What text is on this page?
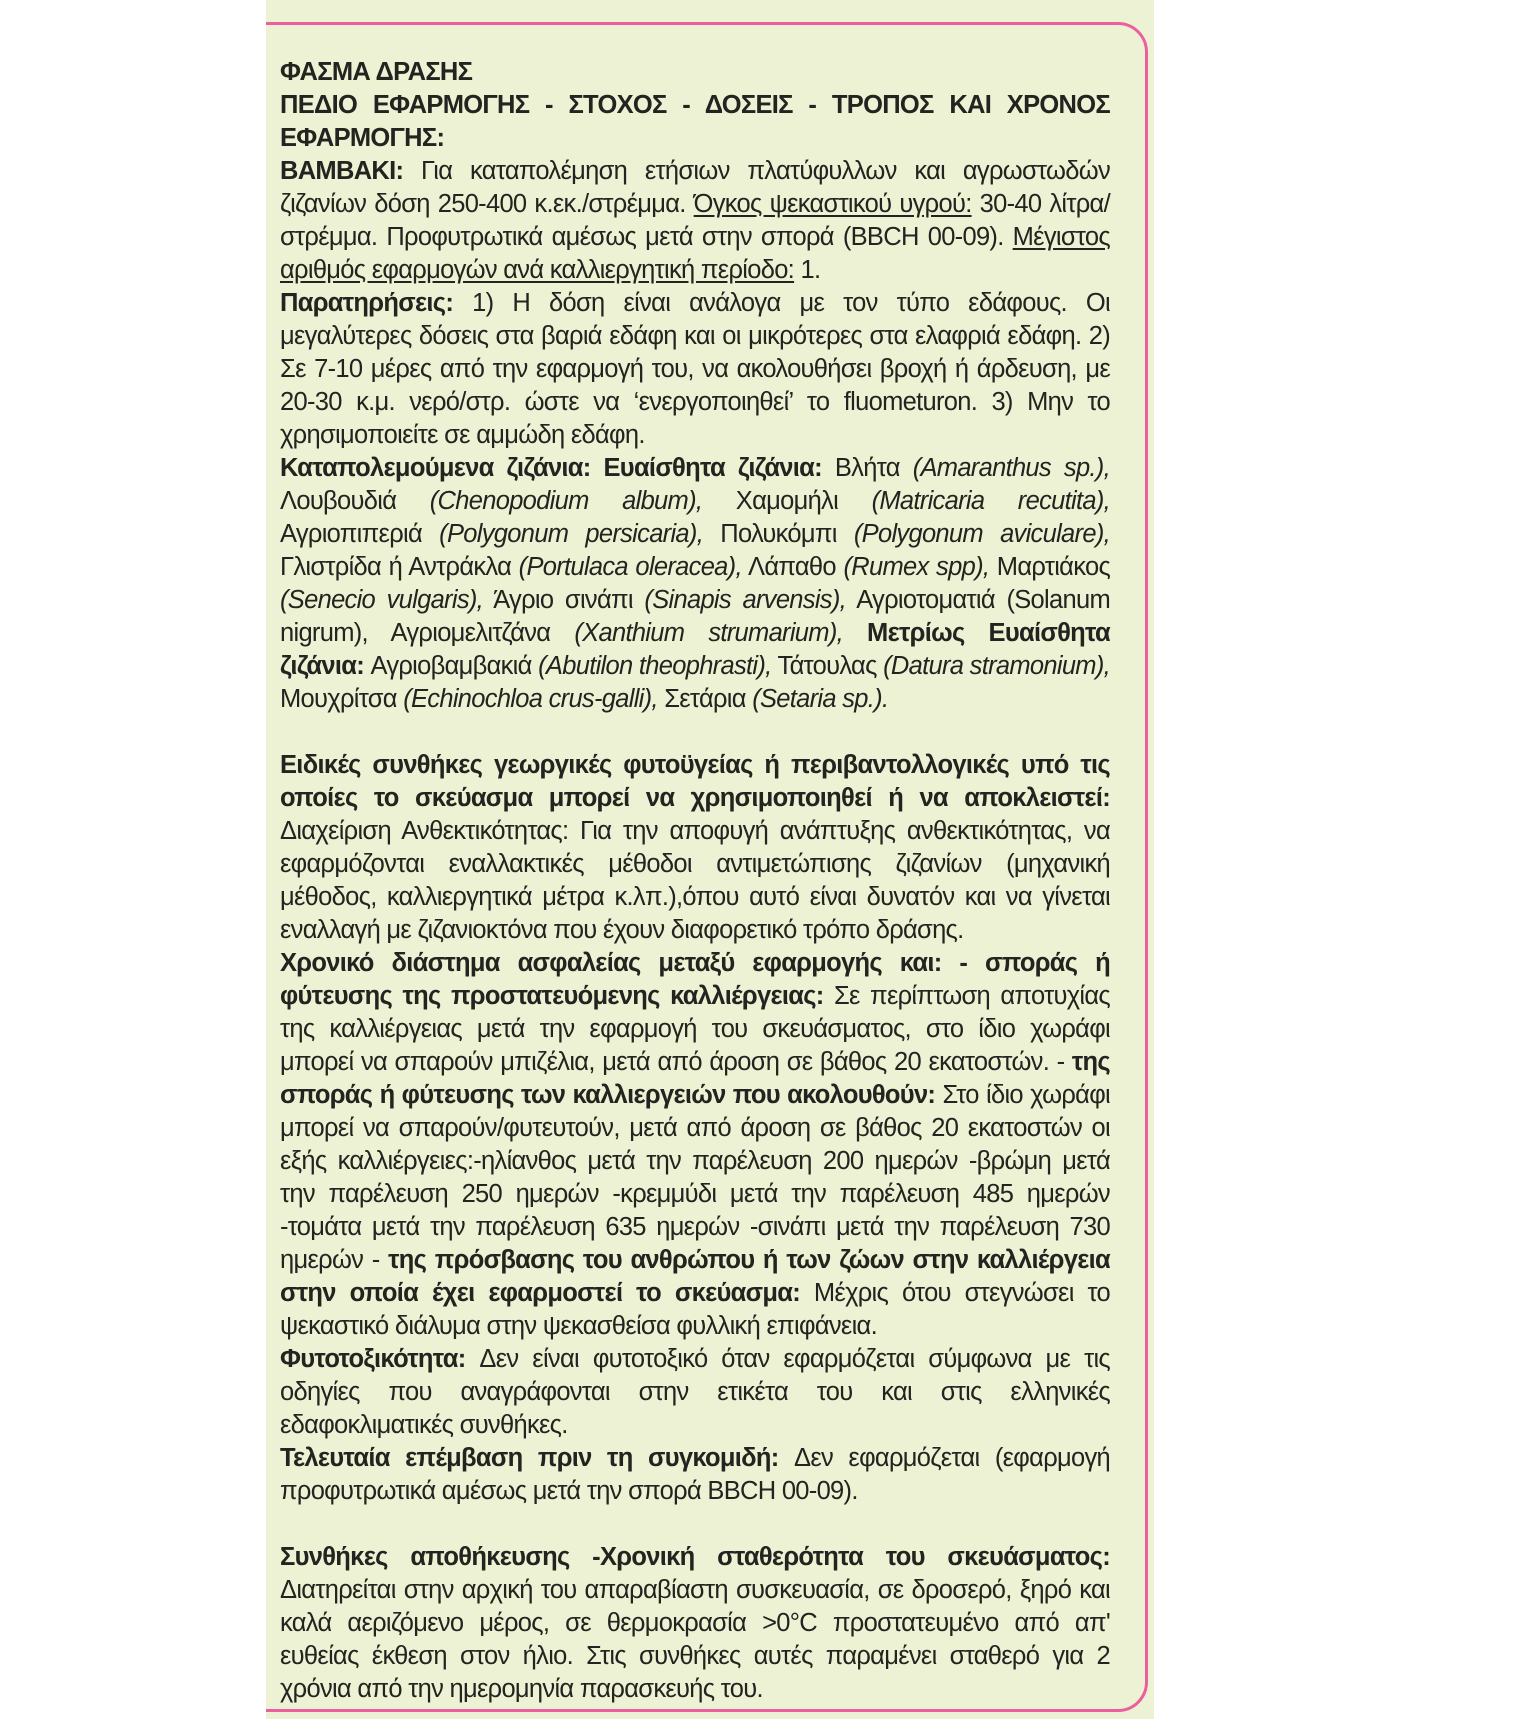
ΦΑΣΜΑ ΔΡΑΣΗΣ

ΠΕΔΙΟ ΕΦΑΡΜΟΓΗΣ - ΣΤΟΧΟΣ - ΔΟΣΕΙΣ - ΤΡΟΠΟΣ ΚΑΙ ΧΡΟΝΟΣ ΕΦΑΡΜΟΓΗΣ:

ΒΑΜΒΑΚΙ: Για καταπολέμηση ετήσιων πλατύφυλλων και αγρωστωδών ζιζανίων δόση 250-400 κ.εκ./στρέμμα. Όγκος ψεκαστικού υγρού: 30-40 λίτρα/στρέμμα. Προφυτρωτικά αμέσως μετά στην σπορά (BBCH 00-09). Μέγιστος αριθμός εφαρμογών ανά καλλιεργητική περίοδο: 1.

Παρατηρήσεις: 1) Η δόση είναι ανάλογα με τον τύπο εδάφους. Οι μεγαλύτερες δόσεις στα βαριά εδάφη και οι μικρότερες στα ελαφριά εδάφη. 2) Σε 7-10 μέρες από την εφαρμογή του, να ακολουθήσει βροχή ή άρδευση, με 20-30 κ.μ. νερό/στρ. ώστε να ‘ενεργοποιηθεί’ το fluometuron. 3) Μην το χρησιμοποιείτε σε αμμώδη εδάφη.

Καταπολεμούμενα ζιζάνια: Ευαίσθητα ζιζάνια: Βλήτα (Amaranthus sp.), Λουβουδιά (Chenopodium album), Χαμομήλι (Matricaria recutita), Αγριοπιπεριά (Polygonum persicaria), Πολυκόμπι (Polygonum aviculare), Γλιστρίδα ή Αντράκλα (Portulaca oleracea), Λάπαθο (Rumex spp), Μαρτιάκος (Senecio vulgaris), Άγριο σινάπι (Sinapis arvensis), Αγριοτοματιά (Solanum nigrum), Αγριομελιτζάνα (Xanthium strumarium), Μετρίως Ευαίσθητα ζιζάνια: Αγριοβαμβακιά (Abutilon theophrasti), Τάτουλας (Datura stramonium), Μουχρίτσα (Echinochloa crus-galli), Σετάρια (Setaria sp.).

Ειδικές συνθήκες γεωργικές φυτοϋγείας ή περιβαντολλογικές υπό τις οποίες το σκεύασμα μπορεί να χρησιμοποιηθεί ή να αποκλειστεί: Διαχείριση Ανθεκτικότητας: Για την αποφυγή ανάπτυξης ανθεκτικότητας, να εφαρμόζονται εναλλακτικές μέθοδοι αντιμετώπισης ζιζανίων (μηχανική μέθοδος, καλλιεργητικά μέτρα κ.λπ.),όπου αυτό είναι δυνατόν και να γίνεται εναλλαγή με ζιζανιοκτόνα που έχουν διαφορετικό τρόπο δράσης.

Χρονικό διάστημα ασφαλείας μεταξύ εφαρμογής και: - σποράς ή φύτευσης της προστατευόμενης καλλιέργειας: Σε περίπτωση αποτυχίας της καλλιέργειας μετά την εφαρμογή του σκευάσματος, στο ίδιο χωράφι μπορεί να σπαρούν μπιζέλια, μετά από άροση σε βάθος 20 εκατοστών. - της σποράς ή φύτευσης των καλλιεργειών που ακολουθούν: Στο ίδιο χωράφι μπορεί να σπαρούν/φυτευτούν, μετά από άροση σε βάθος 20 εκατοστών οι εξής καλλιέργειες:-ηλίανθος μετά την παρέλευση 200 ημερών -βρώμη μετά την παρέλευση 250 ημερών -κρεμμύδι μετά την παρέλευση 485 ημερών -τομάτα μετά την παρέλευση 635 ημερών -σινάπι μετά την παρέλευση 730 ημερών - της πρόσβασης του ανθρώπου ή των ζώων στην καλλιέργεια στην οποία έχει εφαρμοστεί το σκεύασμα: Μέχρις ότου στεγνώσει το ψεκαστικό διάλυμα στην ψεκασθείσα φυλλική επιφάνεια.

Φυτοτοξικότητα: Δεν είναι φυτοτοξικό όταν εφαρμόζεται σύμφωνα με τις οδηγίες που αναγράφονται στην ετικέτα του και στις ελληνικές εδαφοκλιματικές συνθήκες.

Τελευταία επέμβαση πριν τη συγκομιδή: Δεν εφαρμόζεται (εφαρμογή προφυτρωτικά αμέσως μετά την σπορά BBCH 00-09).

Συνθήκες αποθήκευσης -Χρονική σταθερότητα του σκευάσματος: Διατηρείται στην αρχική του απαραβίαστη συσκευασία, σε δροσερό, ξηρό και καλά αεριζόμενο μέρος, σε θερμοκρασία >0°C προστατευμένο από απ' ευθείας έκθεση στον ήλιο. Στις συνθήκες αυτές παραμένει σταθερό για 2 χρόνια από την ημερομηνία παρασκευής του.
